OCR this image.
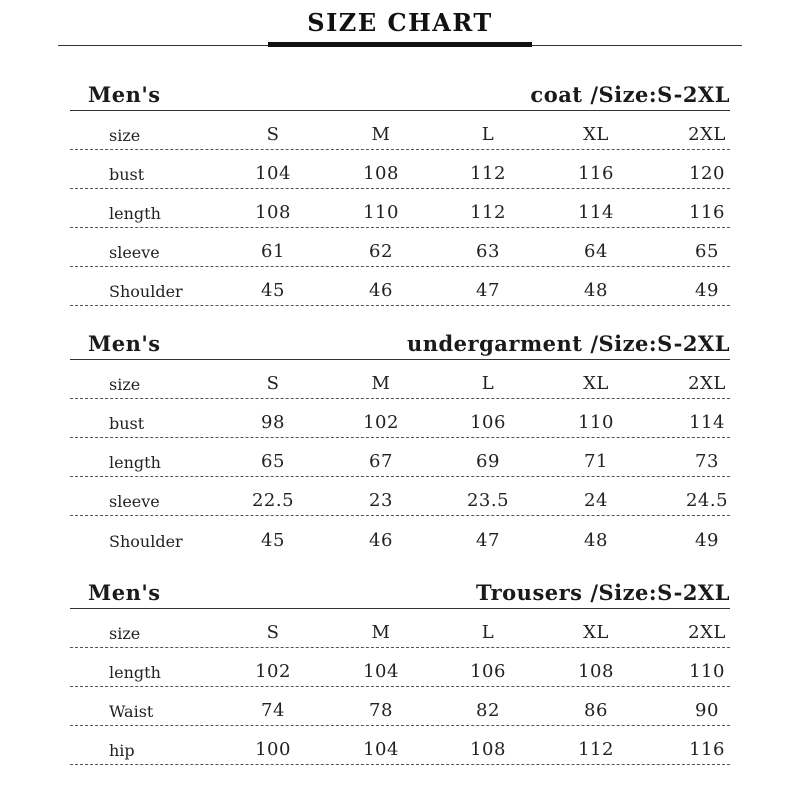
SIZE CHART
Men's	coat /Size:S-2XL
size	S	M	L	XL	2XL
bust	104	108	112	116	120
length	108	110	112	114	116
sleeve	61	62	63	64	65
Shoulder	45	46	47	48	49
Men's	undergarment /Size:S-2XL
size	S	M	L	XL	2XL
bust	98	102	106	110	114
length	65	67	69	71	73
sleeve	22.5	23	23.5	24	24.5
Shoulder	45	46	47	48	49
Men's	Trousers /Size:S-2XL
size	S	M	L	XL	2XL
length	102	104	106	108	110
Waist	74	78	82	86	90
hip	100	104	108	112	116
